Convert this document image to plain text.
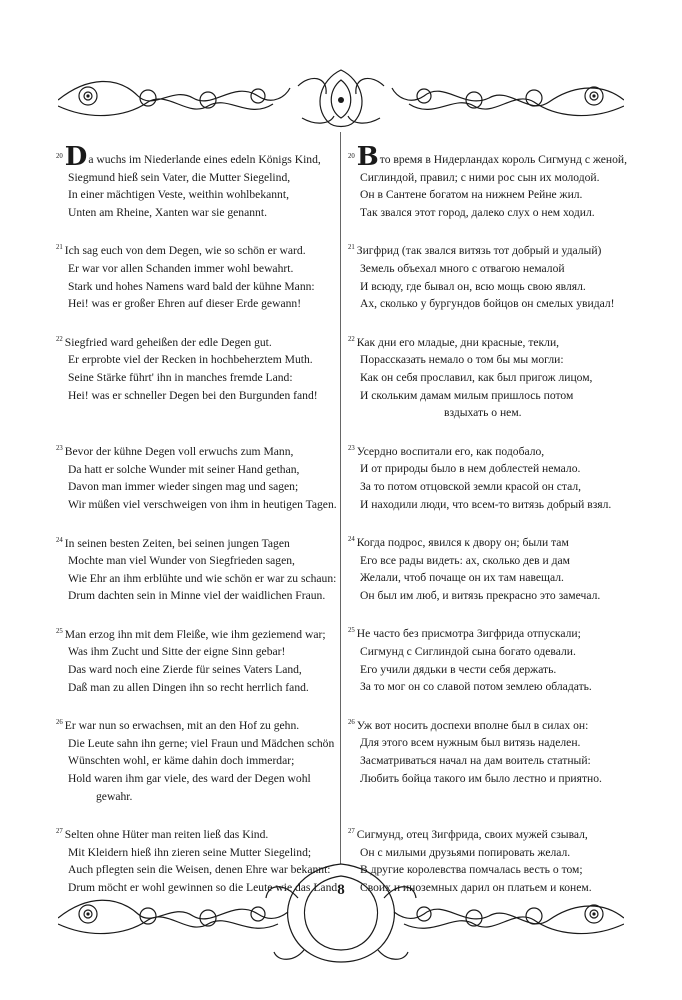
$^{20}$Da wuchs im Niederlande eines edeln Königs Kind,
Siegmund hieß sein Vater, die Mutter Siegelind,
In einer mächtigen Veste, weithin wohlbekannt,
Unten am Rheine, Xanten war sie genannt.
$^{21}$ Ich sag euch von dem Degen, wie so schön er ward.
Er war vor allen Schanden immer wohl bewahrt.
Stark und hohes Namens ward bald der kühne Mann:
Hei! was er großer Ehren auf dieser Erde gewann!
$^{22}$ Siegfried ward geheißen der edle Degen gut.
Er erprobte viel der Recken in hochbeherztem Muth.
Seine Stärke führt' ihn in manches fremde Land:
Hei! was er schneller Degen bei den Burgunden fand!
$^{23}$ Bevor der kühne Degen voll erwuchs zum Mann,
Da hatt er solche Wunder mit seiner Hand gethan,
Davon man immer wieder singen mag und sagen;
Wir müßen viel verschweigen von ihm in heutigen Tagen.
$^{24}$ In seinen besten Zeiten, bei seinen jungen Tagen
Mochte man viel Wunder von Siegfrieden sagen,
Wie Ehr an ihm erblühte und wie schön er war zu schaun:
Drum dachten sein in Minne viel der waidlichen Fraun.
$^{25}$ Man erzog ihn mit dem Fleiße, wie ihm geziemend war;
Was ihm Zucht und Sitte der eigne Sinn gebar!
Das ward noch eine Zierde für seines Vaters Land,
Daß man zu allen Dingen ihn so recht herrlich fand.
$^{26}$ Er war nun so erwachsen, mit an den Hof zu gehn.
Die Leute sahn ihn gerne; viel Fraun und Mädchen schön
Wünschten wohl, er käme dahin doch immerdar;
Hold waren ihm gar viele, des ward der Degen wohl
gewahr.
$^{27}$ Selten ohne Hüter man reiten ließ das Kind.
Mit Kleidern hieß ihn zieren seine Mutter Siegelind;
Auch pflegten sein die Weisen, denen Ehre war bekannt:
Drum möcht er wohl gewinnen so die Leute wie das Land.
$^{20}$Вто время в Нидерландах король Сигмунд с женой,
Сиглиндой, правил; с ними рос сын их молодой.
Он в Сантене богатом на нижнем Рейне жил.
Так звался этот город, далеко слух о нем ходил.
$^{21}$ Зигфрид (так звался витязь тот добрый и удалый)
Земель объехал много с отвагою немалой
И всюду, где бывал он, всю мощь свою являл.
Ах, сколько у бургундов бойцов он смелых увидал!
$^{22}$ Как дни его младые, дни красные, текли,
Порассказать немало о том бы мы могли:
Как он себя прославил, как был пригож лицом,
И скольким дамам милым пришлось потом
вздыхать о нем.
$^{23}$ Усердно воспитали его, как подобало,
И от природы было в нем доблестей немало.
За то потом отцовской земли красой он стал,
И находили люди, что всем-то витязь добрый взял.
$^{24}$ Когда подрос, явился к двору он; были там
Его все рады видеть: ах, сколько дев и дам
Желали, чтоб почаще он их там навещал.
Он был им люб, и витязь прекрасно это замечал.
$^{25}$ Не часто без присмотра Зигфрида отпускали;
Сигмунд с Сиглиндой сына богато одевали.
Его учили дядьки в чести себя держать.
За то мог он со славой потом землею обладать.
$^{26}$ Уж вот носить доспехи вполне был в силах он:
Для этого всем нужным был витязь наделен.
Засматриваться начал на дам воитель статный:
Любить бойца такого им было лестно и приятно.
$^{27}$ Сигмунд, отец Зигфрида, своих мужей сзывал,
Он с милыми друзьями попировать желал.
В другие королевства помчалась весть о том;
Своих и иноземных дарил он платьем и конем.
8
